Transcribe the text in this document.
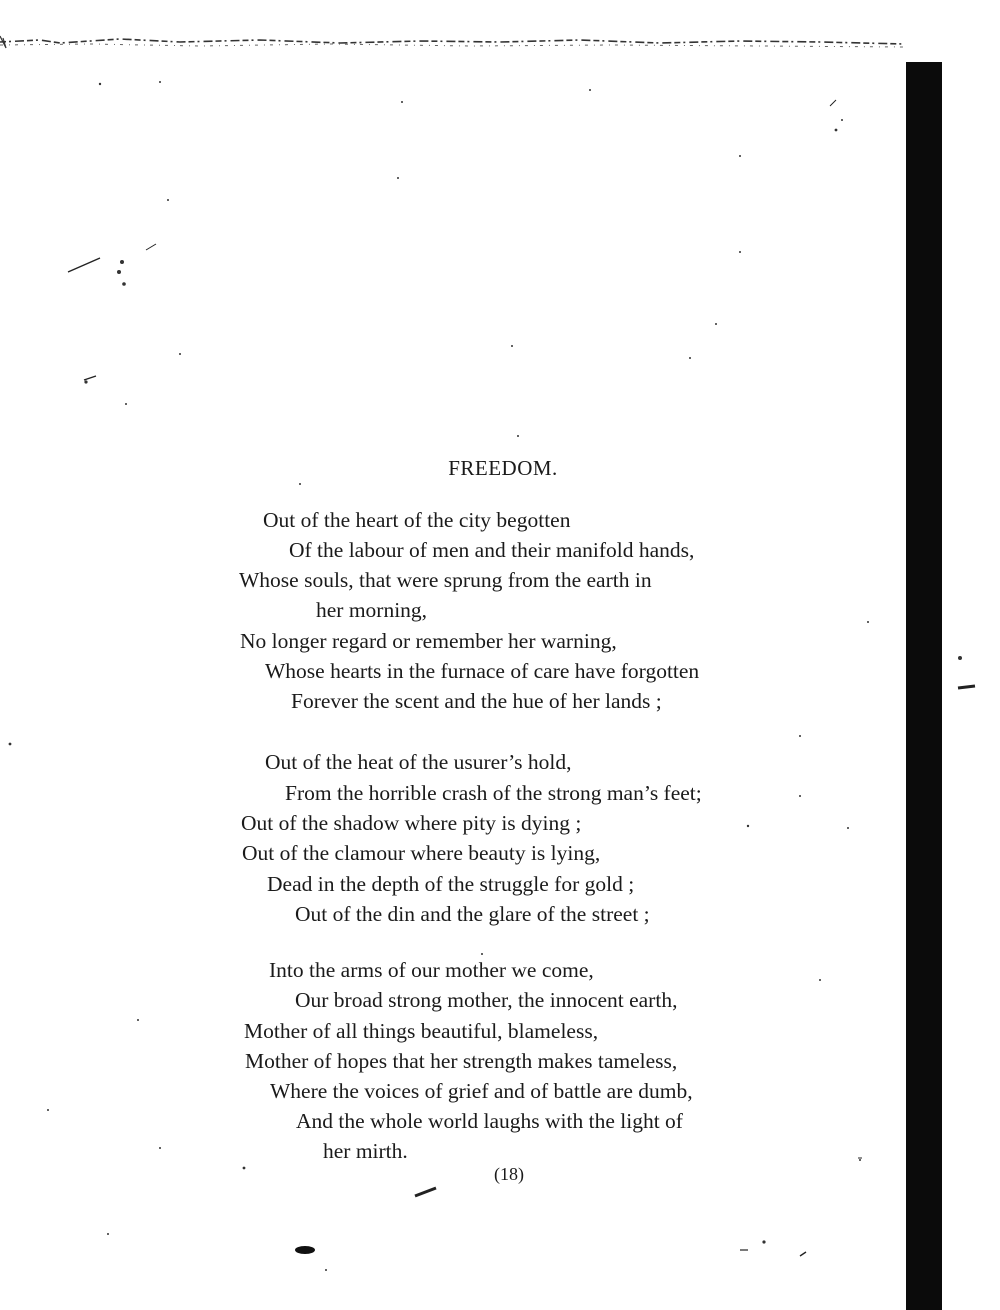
FREEDOM.
Out of the heart of the city begotten
Of the labour of men and their manifold hands,
Whose souls, that were sprung from the earth in
her morning,
No longer regard or remember her warning,
Whose hearts in the furnace of care have forgotten
Forever the scent and the hue of her lands ;
Out of the heat of the usurer’s hold,
From the horrible crash of the strong man’s feet;
Out of the shadow where pity is dying ;
Out of the clamour where beauty is lying,
Dead in the depth of the struggle for gold ;
Out of the din and the glare of the street ;
Into the arms of our mother we come,
Our broad strong mother, the innocent earth,
Mother of all things beautiful, blameless,
Mother of hopes that her strength makes tameless,
Where the voices of grief and of battle are dumb,
And the whole world laughs with the light of
her mirth.
(18)
